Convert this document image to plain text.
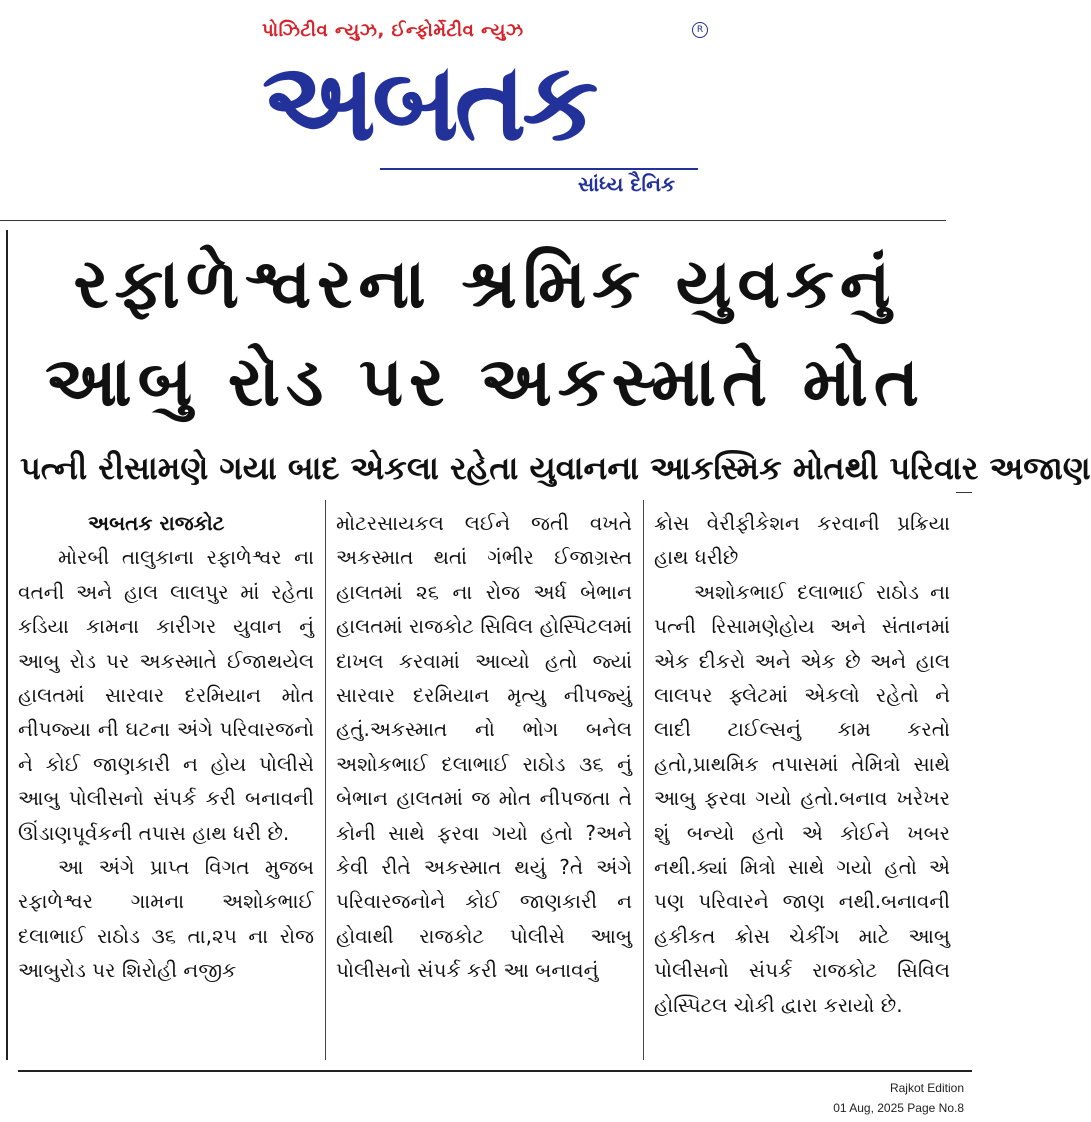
પોઝિટીવ ન્યુઝ, ઈન્ફોર્મેટીવ ન્યુઝ	R
અબતક
સાંધ્ય દૈનિક
રફાળેશ્વરના શ્રમિક યુવકનું
આબુ રોડ પર અકસ્માતે મોત
પત્ની રીસામણે ગયા બાદ એકલા રહેતા યુવાનના આકસ્મિક મોતથી પરિવાર અજાણ
અબતક રાજકોટ

મોરબી તાલુકાના રફાળેશ્વર ના વતની અને હાલ લાલપુર માં રહેતા કડિયા કામના કારીગર યુવાન નું આબુ રોડ પર અકસ્માતે ઈજાથયેલ હાલતમાં સારવાર દરમિયાન મોત નીપજ્યા ની ઘટના અંગે પરિવારજનો ને કોઈ જાણકારી ન હોય પોલીસે આબુ પોલીસનો સંપર્ક કરી બનાવની ઊંડાણપૂર્વકની તપાસ હાથ ધરી છે.

આ અંગે પ્રાપ્ત વિગત મુજબ રફાળેશ્વર ગામના અશોકભાઈ દલાભાઈ રાઠોડ ૩૬ તા,૨૫ ના રોજ આબુરોડ પર શિરોહી નજીક

મોટરસાયકલ લઈને જતી વખતે અકસ્માત થતાં ગંભીર ઈજાગ્રસ્ત હાલતમાં ૨૬ ના રોજ અર્ધ બેભાન હાલતમાં રાજકોટ સિવિલ હોસ્પિટલમાં દાખલ કરવામાં આવ્યો હતો જ્યાં સારવાર દરમિયાન મૃત્યુ નીપજ્યું હતું.અકસ્માત નો ભોગ બનેલ અશોકભાઈ દલાભાઈ રાઠોડ ૩૬ નું બેભાન હાલતમાં જ મોત નીપજતા તે કોની સાથે ફરવા ગયો હતો ?અને કેવી રીતે અકસ્માત થયું ?તે અંગે પરિવારજનોને કોઈ જાણકારી ન હોવાથી રાજકોટ પોલીસે આબુ પોલીસનો સંપર્ક કરી આ બનાવનું

ક્રોસ વેરીફીકેશન કરવાની પ્રક્રિયા હાથ ધરીછે

અશોકભાઈ દલાભાઈ રાઠોડ ના પત્ની રિસામણેહોય અને સંતાનમાં એક દીકરો અને એક છે અને હાલ લાલપર ફ્લેટમાં એકલો રહેતો ને લાદી ટાઈલ્સનું કામ કરતો હતો,પ્રાથમિક તપાસમાં તેમિત્રો સાથે આબુ ફરવા ગયો હતો.બનાવ ખરેખર શું બન્યો હતો એ કોઈને ખબર નથી.ક્યાં મિત્રો સાથે ગયો હતો એ પણ પરિવારને જાણ નથી.બનાવની હકીકત ક્રોસ ચેકીંગ માટે આબુ પોલીસનો સંપર્ક રાજકોટ સિવિલ હોસ્પિટલ ચોકી દ્વારા કરાયો છે.

Rajkot Edition
01 Aug, 2025 Page No.8
